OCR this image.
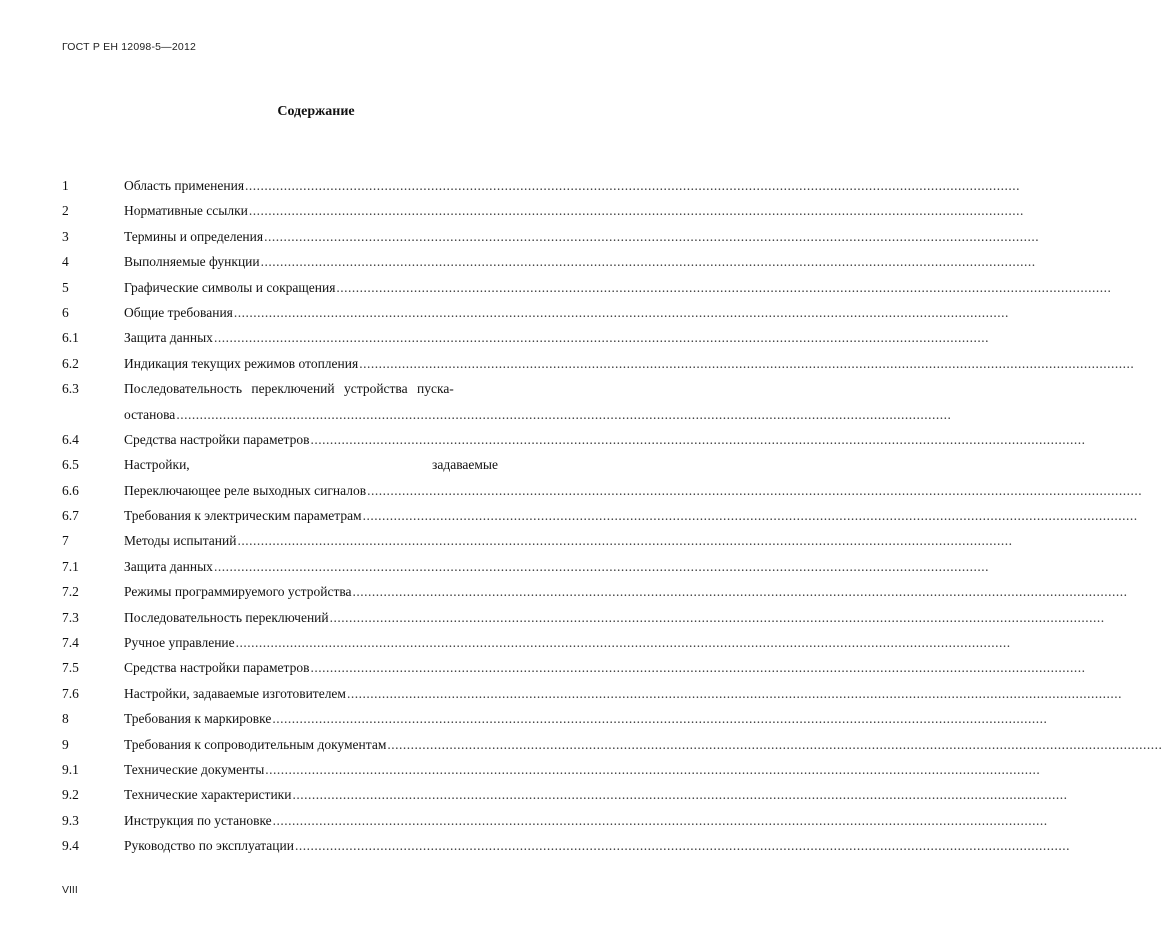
ГОСТ Р ЕН 12098-5—2012
Содержание
1	Область применения ........................................................................................................................................................................................................
2	Нормативные ссылки ........................................................................................................................................................................................................
3	Термины и определения ........................................................................................................................................................................................................
4	Выполняемые функции ........................................................................................................................................................................................................
5	Графические символы и сокращения ........................................................................................................................................................................................................
6	Общие требования ........................................................................................................................................................................................................
6.1	Защита данных ........................................................................................................................................................................................................
6.2	Индикация текущих режимов отопления ........................................................................................................................................................................................................
6.3	Последовательность переключений устройства пуска-
останова ........................................................................................................................................................................................................
6.4	Средства настройки параметров ........................................................................................................................................................................................................
6.5	Настройки,	задаваемые
6.6	Переключающее реле выходных сигналов ........................................................................................................................................................................................................
6.7	Требования к электрическим параметрам ........................................................................................................................................................................................................
7	Методы испытаний ........................................................................................................................................................................................................
7.1	Защита данных ........................................................................................................................................................................................................
7.2	Режимы программируемого устройства ........................................................................................................................................................................................................
7.3	Последовательность переключений ........................................................................................................................................................................................................
7.4	Ручное управление ........................................................................................................................................................................................................
7.5	Средства настройки параметров ........................................................................................................................................................................................................
7.6	Настройки, задаваемые изготовителем ........................................................................................................................................................................................................
8	Требования к маркировке ........................................................................................................................................................................................................
9	Требования к сопроводительным документам ........................................................................................................................................................................................................
9.1	Технические документы ........................................................................................................................................................................................................
9.2	Технические характеристики ........................................................................................................................................................................................................
9.3	Инструкция по установке ........................................................................................................................................................................................................
9.4	Руководство по эксплуатации ........................................................................................................................................................................................................
VIII
